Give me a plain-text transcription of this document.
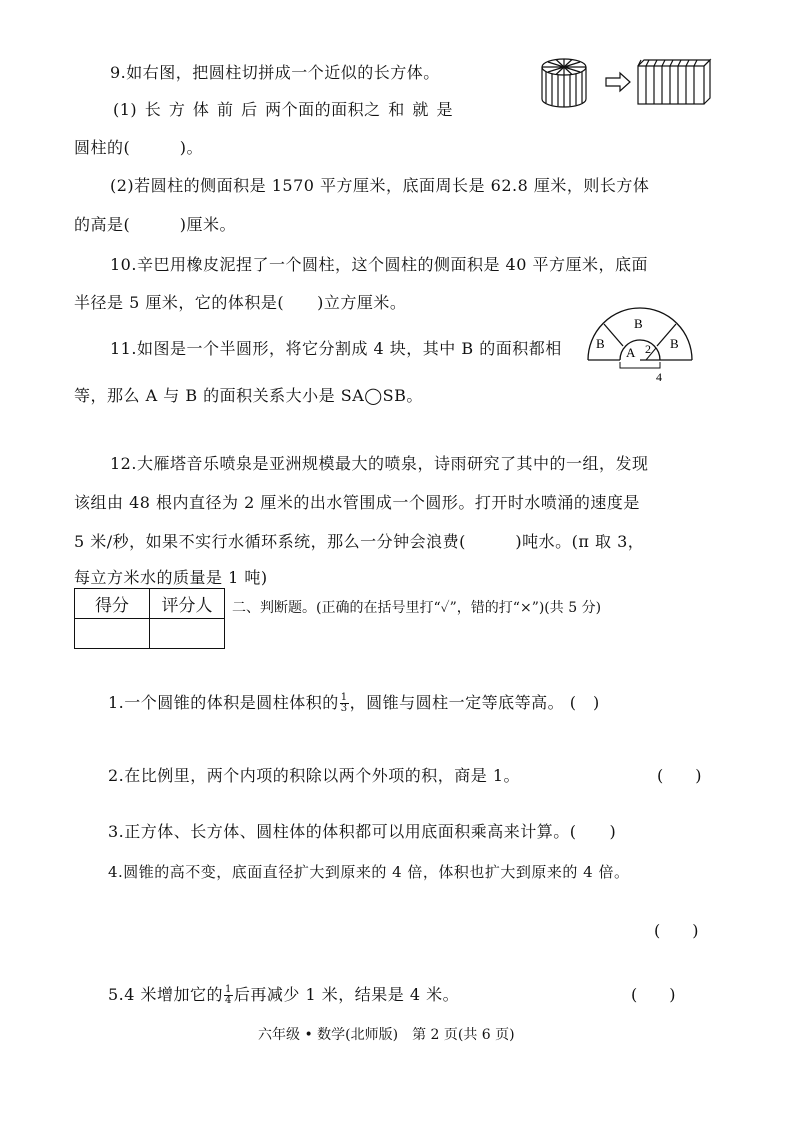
9.如右图，把圆柱切拼成一个近似的长方体。
(1) 长 方 体 前 后 两个面的面积之 和 就 是
圆柱的(　　　)。
(2)若圆柱的侧面积是 1570 平方厘米，底面周长是 62.8 厘米，则长方体
的高是(　　　)厘米。
10.辛巴用橡皮泥捏了一个圆柱，这个圆柱的侧面积是 40 平方厘米，底面
半径是 5 厘米，它的体积是(　　)立方厘米。
11.如图是一个半圆形，将它分割成 4 块，其中 B 的面积都相
等，那么 A 与 B 的面积关系大小是 SA◯SB。
B
B
B
A 2
4
12.大雁塔音乐喷泉是亚洲规模最大的喷泉，诗雨研究了其中的一组，发现
该组由 48 根内直径为 2 厘米的出水管围成一个圆形。打开时水喷涌的速度是
5 米/秒，如果不实行水循环系统，那么一分钟会浪费(　　　)吨水。(π 取 3，
每立方米水的质量是 1 吨)
得分	评分人
	二、判断题。(正确的在括号里打“✓”，错的打“×”)(共 5 分)
1.一个圆锥的体积是圆柱体积的 $\frac{1}{3}$ ，圆锥与圆柱一定等底等高。 (　)
2.在比例里，两个内项的积除以两个外项的积，商是 1。	(　　)
3.正方体、长方体、圆柱体的体积都可以用底面积乘高来计算。(　　)
4.圆锥的高不变，底面直径扩大到原来的 4 倍，体积也扩大到原来的 4 倍。
(　　)
5.4 米增加它的 $\frac{1}{4}$ 后再减少 1 米，结果是 4 米。	(　　)
六年级 • 数学(北师版)　第 2 页(共 6 页)
